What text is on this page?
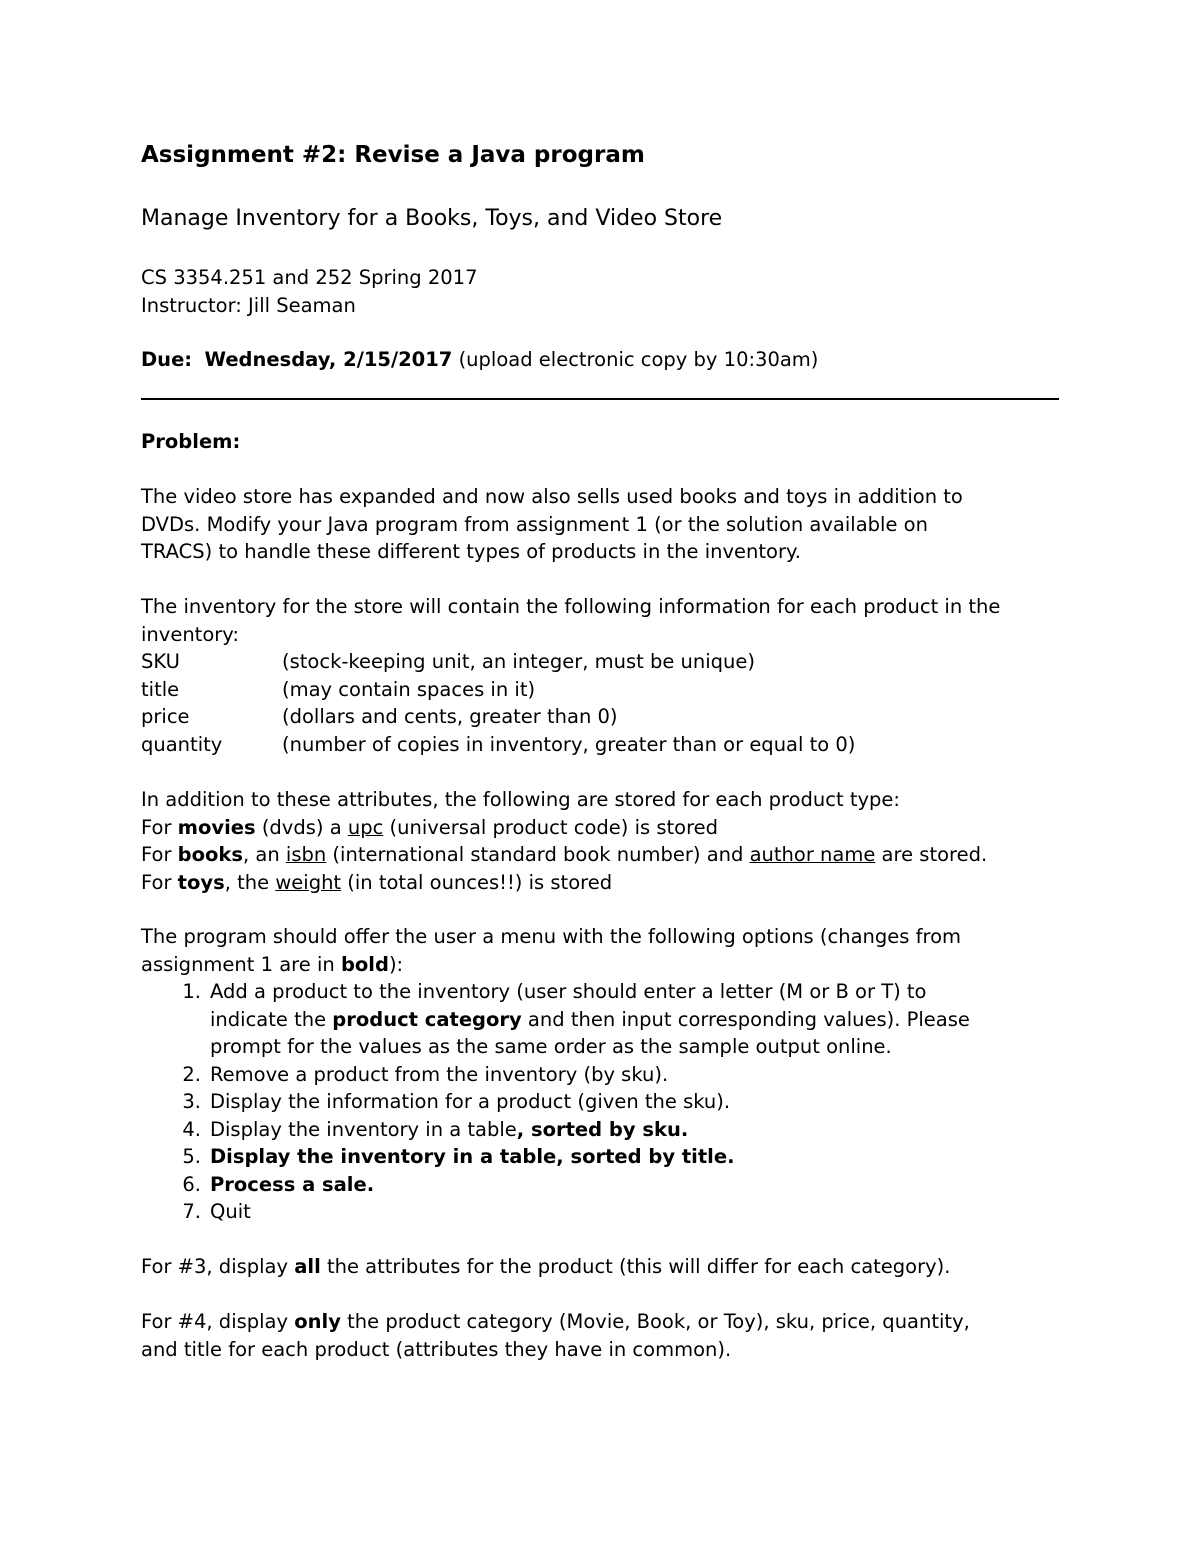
Assignment #2: Revise a Java program
Manage Inventory for a Books, Toys, and Video Store
CS 3354.251 and 252 Spring 2017
Instructor: Jill Seaman
Due: Wednesday, 2/15/2017 (upload electronic copy by 10:30am)
Problem:
The video store has expanded and now also sells used books and toys in addition to
DVDs. Modify your Java program from assignment 1 (or the solution available on
TRACS) to handle these different types of products in the inventory.
The inventory for the store will contain the following information for each product in the
inventory:
SKU	(stock-keeping unit, an integer, must be unique)
title	(may contain spaces in it)
price	(dollars and cents, greater than 0)
quantity	(number of copies in inventory, greater than or equal to 0)
In addition to these attributes, the following are stored for each product type:
For movies (dvds) a upc (universal product code) is stored
For books, an isbn (international standard book number) and author name are stored.
For toys, the weight (in total ounces!!) is stored
The program should offer the user a menu with the following options (changes from
assignment 1 are in bold):
1. Add a product to the inventory (user should enter a letter (M or B or T) to
indicate the product category and then input corresponding values). Please
prompt for the values as the same order as the sample output online.
2. Remove a product from the inventory (by sku).
3. Display the information for a product (given the sku).
4. Display the inventory in a table, sorted by sku.
5. Display the inventory in a table, sorted by title.
6. Process a sale.
7. Quit
For #3, display all the attributes for the product (this will differ for each category).
For #4, display only the product category (Movie, Book, or Toy), sku, price, quantity,
and title for each product (attributes they have in common).
